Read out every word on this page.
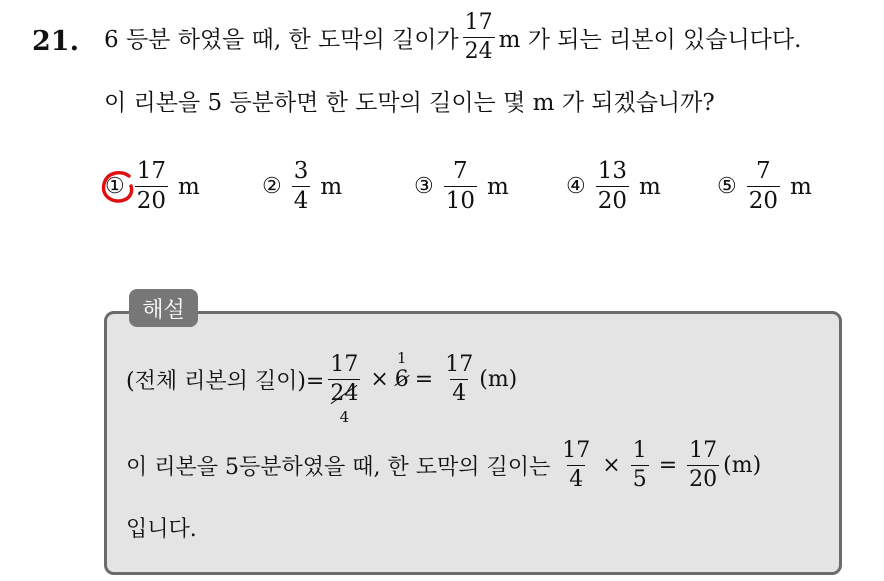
21. 6 등분 하였을 때, 한 도막의 길이가 $\frac{17}{24}$ m 가 되는 리본이 있습니다다.
이 리본을 5 등분하면 한 도막의 길이는 몇 m 가 되겠습니까?
① $\frac{17}{20}$ m	② $\frac{3}{4}$ m	③ $\frac{7}{10}$ m	④ $\frac{13}{20}$ m	⑤ $\frac{7}{20}$ m
해설
(전체 리본의 길이)= 17
24
4 ×
1
$6 = \frac{17}{4} (m)$
이 리본을 5등분하였을 때, 한 도막의 길이는 $\frac{17}{4} \times \frac{1}{5} = \frac{17}{20} (m)$
입니다.
